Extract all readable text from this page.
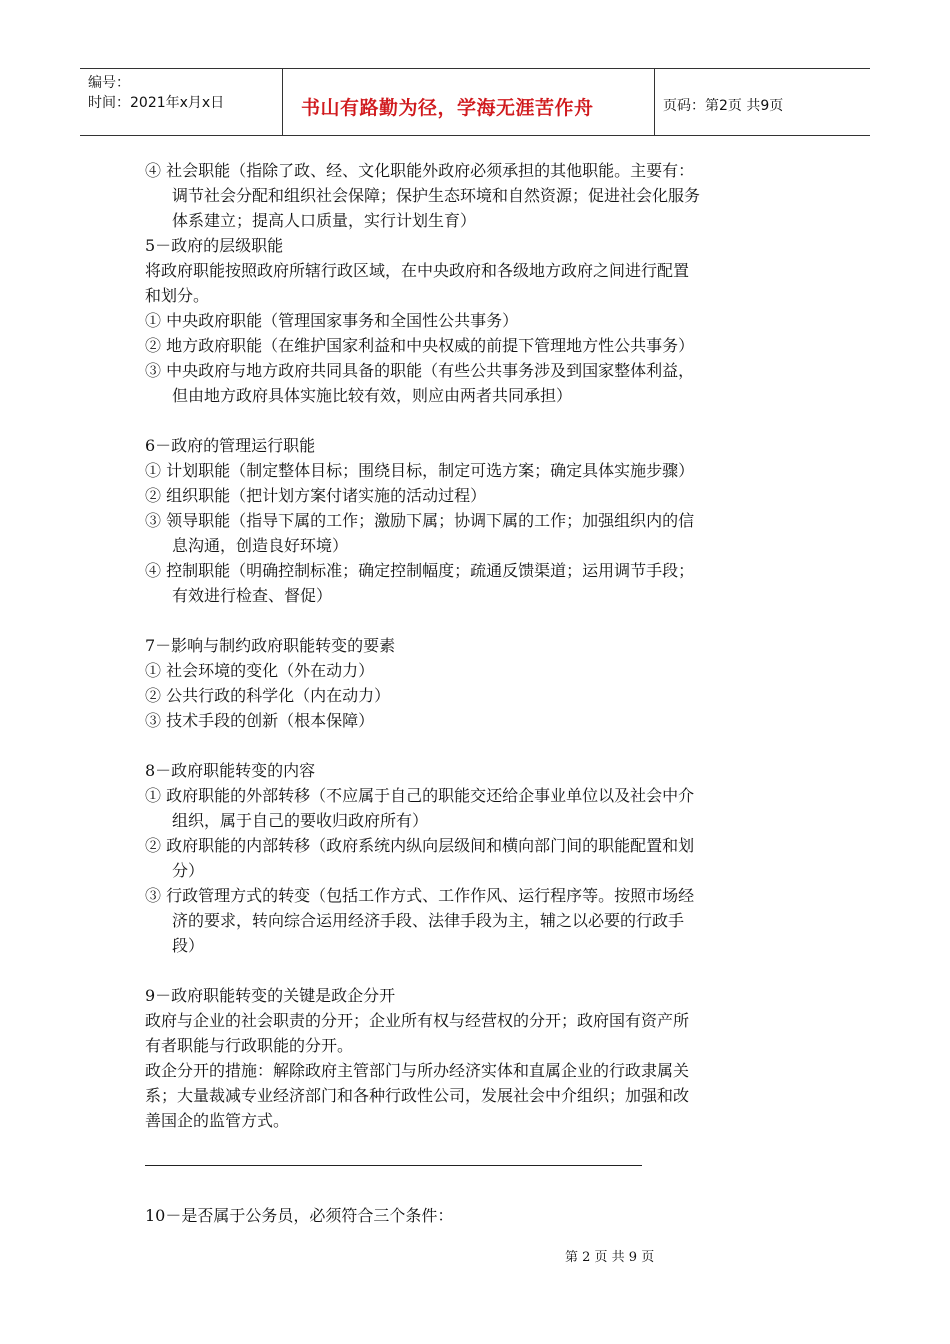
编号：
时间：2021年x月x日	书山有路勤为径，学海无涯苦作舟	页码：第2页 共9页
④ 社会职能（指除了政、经、文化职能外政府必须承担的其他职能。主要有：
调节社会分配和组织社会保障；保护生态环境和自然资源；促进社会化服务
体系建立；提高人口质量，实行计划生育）
5－政府的层级职能
将政府职能按照政府所辖行政区域，在中央政府和各级地方政府之间进行配置
和划分。
① 中央政府职能（管理国家事务和全国性公共事务）
② 地方政府职能（在维护国家利益和中央权威的前提下管理地方性公共事务）
③ 中央政府与地方政府共同具备的职能（有些公共事务涉及到国家整体利益，
但由地方政府具体实施比较有效，则应由两者共同承担）
6－政府的管理运行职能
① 计划职能（制定整体目标；围绕目标，制定可选方案；确定具体实施步骤）
② 组织职能（把计划方案付诸实施的活动过程）
③ 领导职能（指导下属的工作；激励下属；协调下属的工作；加强组织内的信
息沟通，创造良好环境）
④ 控制职能（明确控制标准；确定控制幅度；疏通反馈渠道；运用调节手段；
有效进行检查、督促）
7－影响与制约政府职能转变的要素
① 社会环境的变化（外在动力）
② 公共行政的科学化（内在动力）
③ 技术手段的创新（根本保障）
8－政府职能转变的内容
① 政府职能的外部转移（不应属于自己的职能交还给企事业单位以及社会中介
组织，属于自己的要收归政府所有）
② 政府职能的内部转移（政府系统内纵向层级间和横向部门间的职能配置和划
分）
③ 行政管理方式的转变（包括工作方式、工作作风、运行程序等。按照市场经
济的要求，转向综合运用经济手段、法律手段为主，辅之以必要的行政手
段）
9－政府职能转变的关键是政企分开
政府与企业的社会职责的分开；企业所有权与经营权的分开；政府国有资产所
有者职能与行政职能的分开。
政企分开的措施：解除政府主管部门与所办经济实体和直属企业的行政隶属关
系；大量裁减专业经济部门和各种行政性公司，发展社会中介组织；加强和改
善国企的监管方式。
10－是否属于公务员，必须符合三个条件：
第 2 页 共 9 页
